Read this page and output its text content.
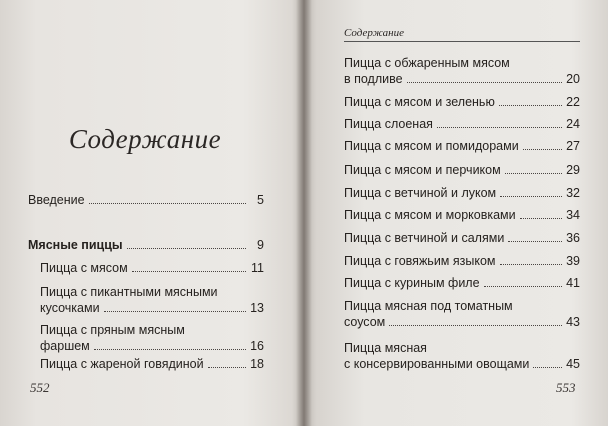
Содержание
Введение	5
Мясные пиццы	9
Пицца с мясом	11
Пицца с пикантными мясными
кусочками	13
Пицца с пряным мясным
фаршем	16
Пицца с жареной говядиной	18
552
Содержание
Пицца с обжаренным мясом
в подливе	20
Пицца с мясом и зеленью	22
Пицца слоеная	24
Пицца с мясом и помидорами	27
Пицца с мясом и перчиком	29
Пицца с ветчиной и луком	32
Пицца с мясом и морковками	34
Пицца с ветчиной и салями	36
Пицца с говяжьим языком	39
Пицца с куриным филе	41
Пицца мясная под томатным
соусом	43
Пицца мясная
с консервированными овощами	45
553
